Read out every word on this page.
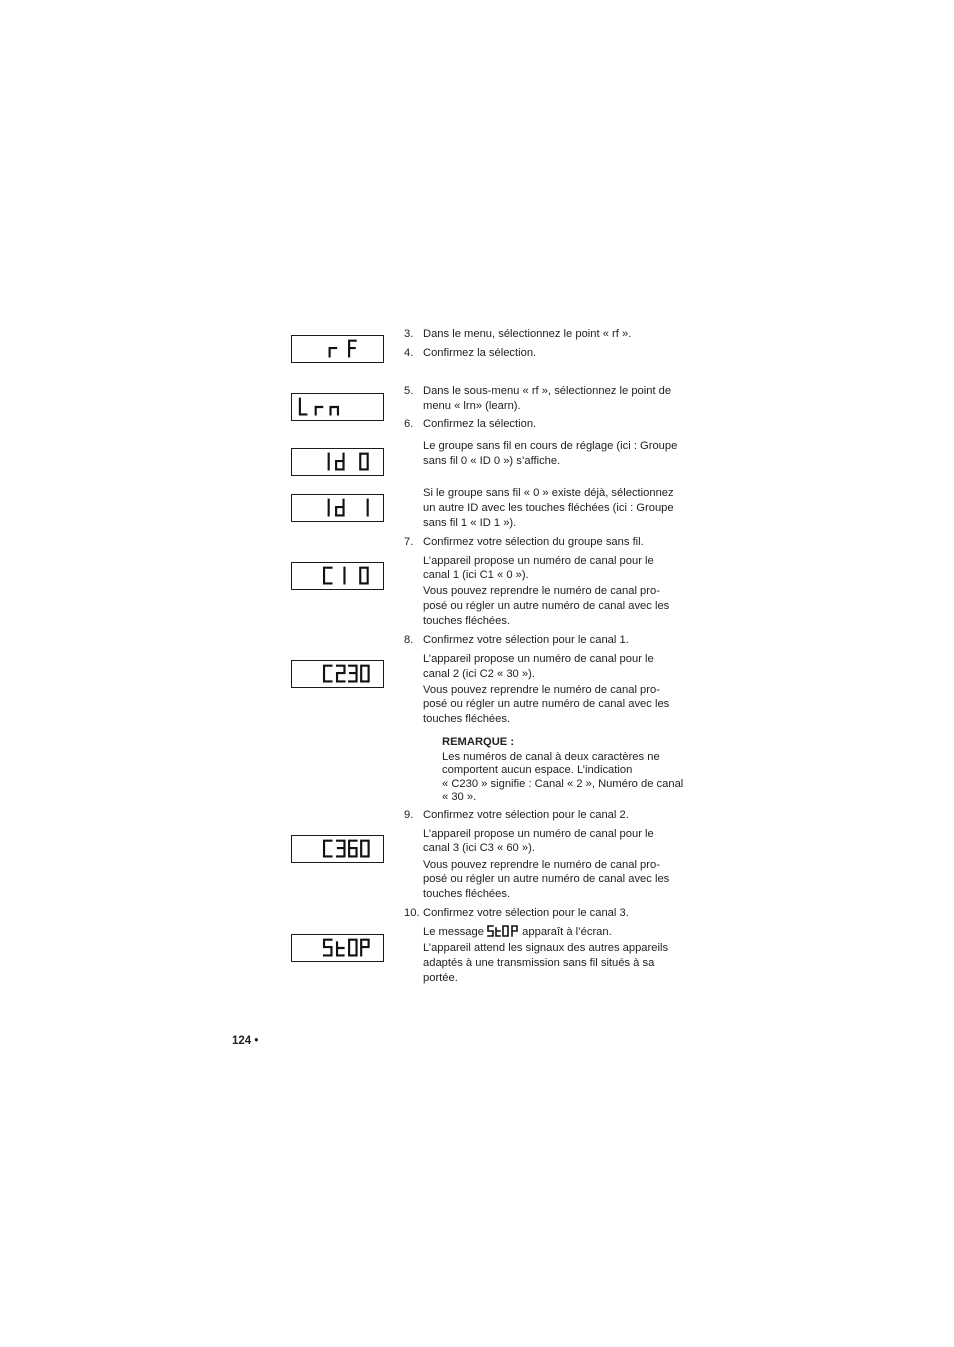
3. Dans le menu, sélectionnez le point « rf ».

4. Confirmez la sélection.

5. Dans le sous-menu « rf », sélectionnez le point de

menu « lrn» (learn).

6. Confirmez la sélection.

Le groupe sans fil en cours de réglage (ici : Groupe

sans fil 0 « ID 0 ») s’affiche.

Si le groupe sans fil « 0 » existe déjà, sélectionnez

un autre ID avec les touches fléchées (ici : Groupe

sans fil 1 « ID 1 »).

7. Confirmez votre sélection du groupe sans fil.

L’appareil propose un numéro de canal pour le

canal 1 (ici C1 « 0 »).

Vous pouvez reprendre le numéro de canal pro-

posé ou régler un autre numéro de canal avec les

touches fléchées.

8. Confirmez votre sélection pour le canal 1.

L’appareil propose un numéro de canal pour le

canal 2 (ici C2 « 30 »).

Vous pouvez reprendre le numéro de canal pro-

posé ou régler un autre numéro de canal avec les

touches fléchées.

REMARQUE :

Les numéros de canal à deux caractères ne

comportent aucun espace. L’indication

« C230 » signifie : Canal « 2 », Numéro de canal

« 30 ».

9. Confirmez votre sélection pour le canal 2.

L’appareil propose un numéro de canal pour le

canal 3 (ici C3 « 60 »).

Vous pouvez reprendre le numéro de canal pro-

posé ou régler un autre numéro de canal avec les

touches fléchées.

10. Confirmez votre sélection pour le canal 3.

Le message	apparaît à l’écran.

L’appareil attend les signaux des autres appareils

adaptés à une transmission sans fil situés à sa

portée.

124 •
